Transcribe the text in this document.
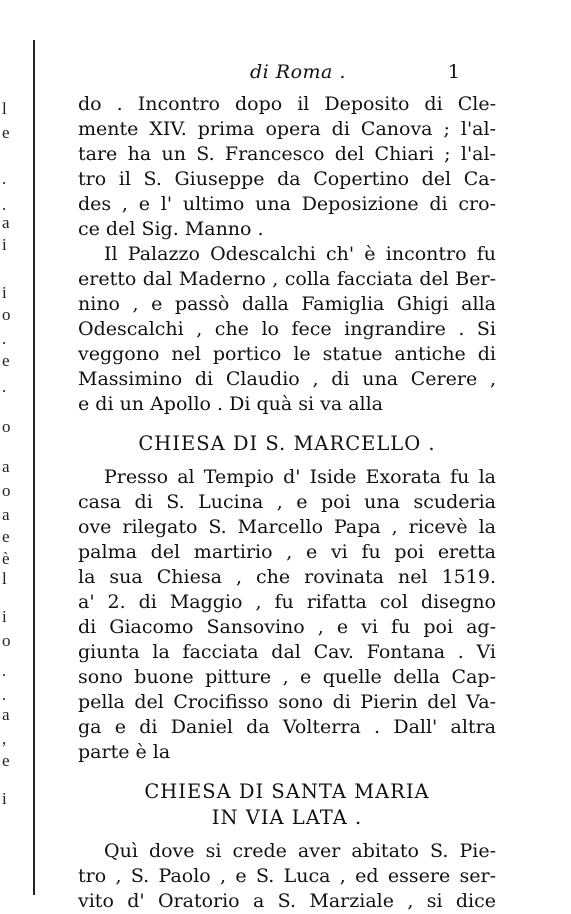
l
e
.
.
a
i
i
o
.
e
.
o
a
o
a
e
è
l
i
o
.
.
a
,
e
i
di Roma .	1
do . Incontro dopo il Deposito di Cle-
mente XIV. prima opera di Canova ; l'al-
tare ha un S. Francesco del Chiari ; l'al-
tro il S. Giuseppe da Copertino del Ca-
des , e l' ultimo una Deposizione di cro-
ce del Sig. Manno .
Il Palazzo Odescalchi ch' è incontro fu
eretto dal Maderno , colla facciata del Ber-
nino , e passò dalla Famiglia Ghigi alla
Odescalchi , che lo fece ingrandire . Si
veggono nel portico le statue antiche di
Massimino di Claudio , di una Cerere ,
e di un Apollo . Di quà si va alla
CHIESA DI S. MARCELLO .
Presso al Tempio d' Iside Exorata fu la
casa di S. Lucina , e poi una scuderia
ove rilegato S. Marcello Papa , ricevè la
palma del martirio , e vi fu poi eretta
la sua Chiesa , che rovinata nel 1519.
a' 2. di Maggio , fu rifatta col disegno
di Giacomo Sansovino , e vi fu poi ag-
giunta la facciata dal Cav. Fontana . Vi
sono buone pitture , e quelle della Cap-
pella del Crocifisso sono di Pierin del Va-
ga e di Daniel da Volterra . Dall' altra
parte è la
CHIESA DI SANTA MARIA
IN VIA LATA .
Quì dove si crede aver abitato S. Pie-
tro , S. Paolo , e S. Luca , ed essere ser-
vito d' Oratorio a S. Marziale , si dice
